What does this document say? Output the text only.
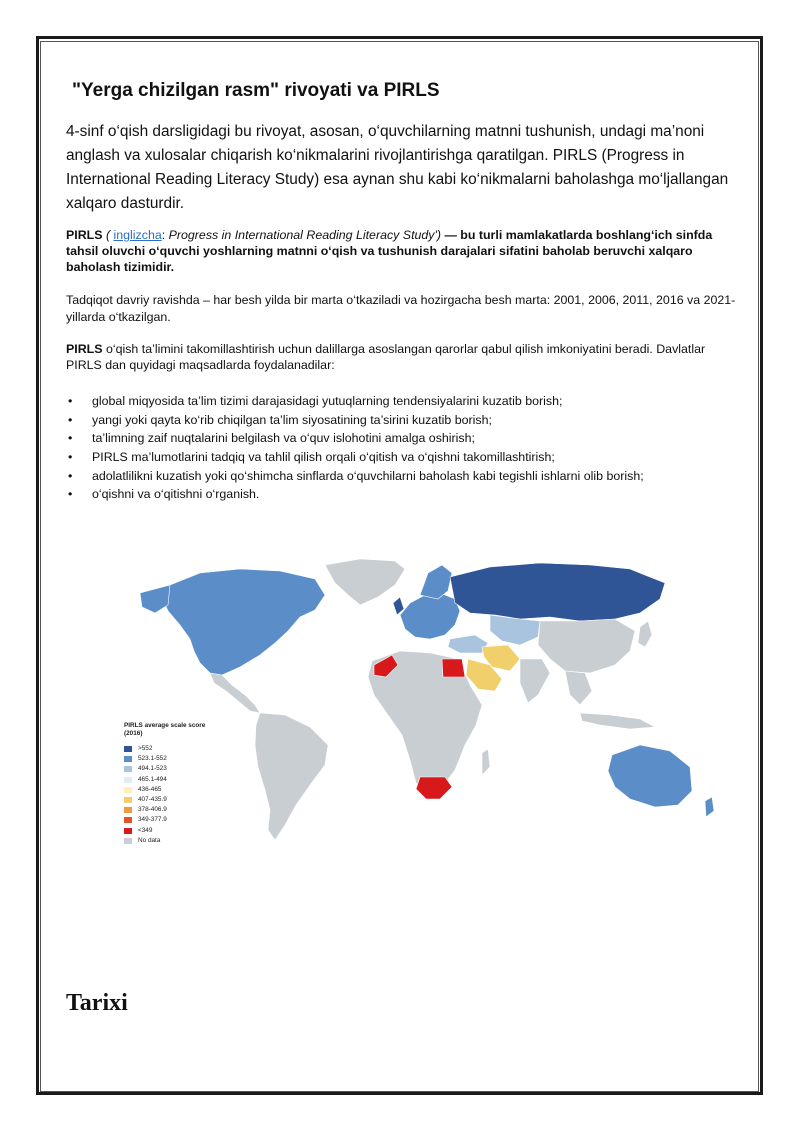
"Yerga chizilgan rasm" rivoyati va PIRLS

4-sinf o‘qish darsligidagi bu rivoyat, asosan, o‘quvchilarning matnni tushunish, undagi ma’noni anglash va xulosalar chiqarish ko‘nikmalarini rivojlantirishga qaratilgan. PIRLS (Progress in International Reading Literacy Study) esa aynan shu kabi ko‘nikmalarni baholashga mo‘ljallangan xalqaro dasturdir.

PIRLS ( inglizcha: Progress in International Reading Literacy Study') — bu turli mamlakatlarda boshlang‘ich sinfda tahsil oluvchi o‘quvchi yoshlarning matnni o‘qish va tushunish darajalari sifatini baholab beruvchi xalqaro baholash tizimidir.

Tadqiqot davriy ravishda – har besh yilda bir marta o‘tkaziladi va hozirgacha besh marta: 2001, 2006, 2011, 2016 va 2021-yillarda o‘tkazilgan.

PIRLS o‘qish ta’limini takomillashtirish uchun dalillarga asoslangan qarorlar qabul qilish imkoniyatini beradi. Davlatlar PIRLS dan quyidagi maqsadlarda foydalanadilar:

• global miqyosida ta’lim tizimi darajasidagi yutuqlarning tendensiyalarini kuzatib borish;
• yangi yoki qayta ko‘rib chiqilgan ta’lim siyosatining ta’sirini kuzatib borish;
• ta’limning zaif nuqtalarini belgilash va o‘quv islohotini amalga oshirish;
• PIRLS ma’lumotlarini tadqiq va tahlil qilish orqali o‘qitish va o‘qishni takomillashtirish;
• adolatlilikni kuzatish yoki qo‘shimcha sinflarda o‘quvchilarni baholash kabi tegishli ishlarni olib borish;
• o‘qishni va o‘qitishni o‘rganish.

PIRLS average scale score

(2016)

>552
523.1-552
494.1-523
465.1-494
436-465
407-435.9
378-406.9
349-377.9
<349
No data
Tarixi
